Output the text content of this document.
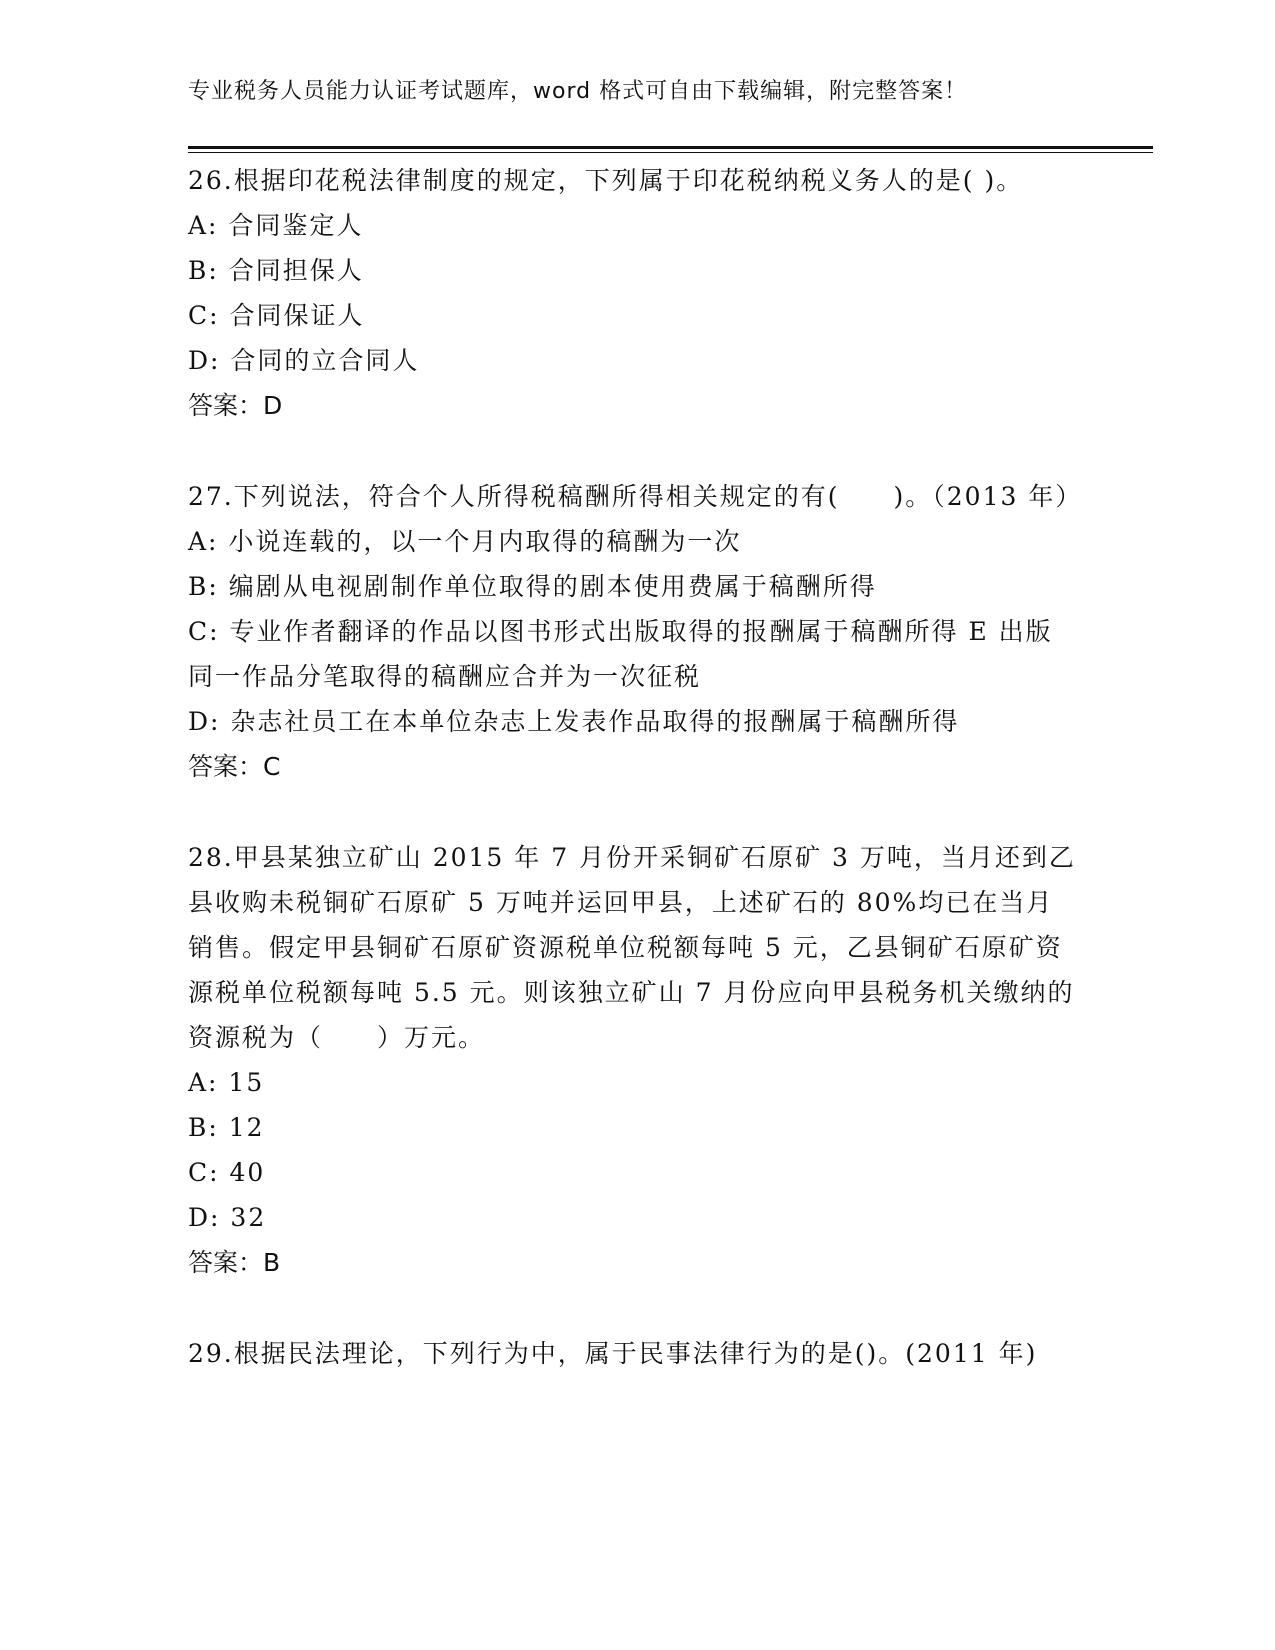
专业税务人员能力认证考试题库，word 格式可自由下载编辑，附完整答案！

26.根据印花税法律制度的规定，下列属于印花税纳税义务人的是( )。

A: 合同鉴定人

B: 合同担保人

C: 合同保证人

D: 合同的立合同人

答案：D

27.下列说法，符合个人所得税稿酬所得相关规定的有(　　)。（2013 年）

A: 小说连载的，以一个月内取得的稿酬为一次

B: 编剧从电视剧制作单位取得的剧本使用费属于稿酬所得

C: 专业作者翻译的作品以图书形式出版取得的报酬属于稿酬所得 E 出版同一作品分笔取得的稿酬应合并为一次征税

D: 杂志社员工在本单位杂志上发表作品取得的报酬属于稿酬所得

答案：C

28.甲县某独立矿山 2015 年 7 月份开采铜矿石原矿 3 万吨，当月还到乙县收购未税铜矿石原矿 5 万吨并运回甲县，上述矿石的 80%均已在当月销售。假定甲县铜矿石原矿资源税单位税额每吨 5 元，乙县铜矿石原矿资源税单位税额每吨 5.5 元。则该独立矿山 7 月份应向甲县税务机关缴纳的资源税为（　　）万元。

A: 15

B: 12

C: 40

D: 32

答案：B

29.根据民法理论，下列行为中，属于民事法律行为的是()。(2011 年)
